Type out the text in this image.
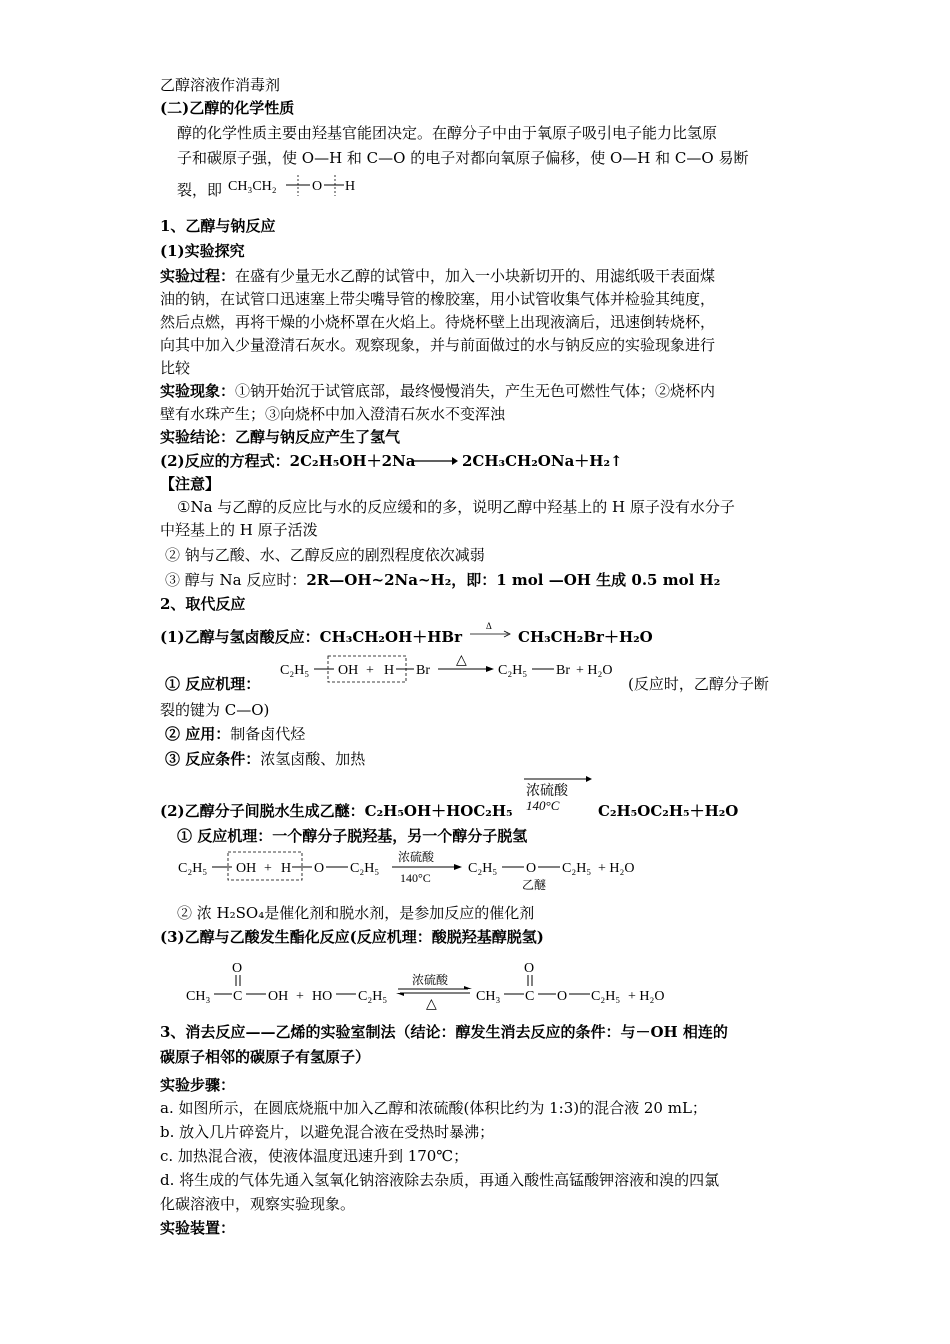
乙醇溶液作消毒剂
(二)乙醇的化学性质
醇的化学性质主要由羟基官能团决定。在醇分子中由于氧原子吸引电子能力比氢原
子和碳原子强，使 O—H 和 C—O 的电子对都向氧原子偏移，使 O—H 和 C—O 易断
裂，即 CH₃CH₂	O H
1、乙醇与钠反应
(1)实验探究
实验过程：在盛有少量无水乙醇的试管中，加入一小块新切开的、用滤纸吸干表面煤
油的钠，在试管口迅速塞上带尖嘴导管的橡胶塞，用小试管收集气体并检验其纯度，
然后点燃，再将干燥的小烧杯罩在火焰上。待烧杯壁上出现液滴后，迅速倒转烧杯，
向其中加入少量澄清石灰水。观察现象，并与前面做过的水与钠反应的实验现象进行
比较
实验现象：①钠开始沉于试管底部，最终慢慢消失，产生无色可燃性气体；②烧杯内
壁有水珠产生；③向烧杯中加入澄清石灰水不变浑浊
实验结论：乙醇与钠反应产生了氢气
(2)反应的方程式：2C₂H₅OH＋2Na → 2CH₃CH₂ONa＋H₂↑
【注意】
①Na 与乙醇的反应比与水的反应缓和的多，说明乙醇中羟基上的 H 原子没有水分子
中羟基上的 H 原子活泼
② 钠与乙酸、水、乙醇反应的剧烈程度依次减弱
③ 醇与 Na 反应时：2R—OH~2Na~H₂，即：1 mol —OH 生成 0.5 mol H₂
2、取代反应
(1)乙醇与氢卤酸反应：CH₃CH₂OH＋HBr
Δ
CH₃CH₂Br＋H₂O
C₂H₅ OH + H Br
△
C₂H₅ Br + H₂O
① 反应机理：	(反应时，乙醇分子断
裂的键为 C—O)
② 应用：制备卤代烃
③ 反应条件：浓氢卤酸、加热
(2)乙醇分子间脱水生成乙醚：C₂H₅OH＋HOC₂H₅
浓硫酸
140°C	C₂H₅OC₂H₅＋H₂O
① 反应机理：一个醇分子脱羟基，另一个醇分子脱氢
C₂H₅ OH + H O C₂H₅
浓硫酸
140°C
C₂H₅ O C₂H₅ + H₂O
乙醚
② 浓 H₂SO₄是催化剂和脱水剂，是参加反应的催化剂
(3)乙醇与乙酸发生酯化反应(反应机理：酸脱羟基醇脱氢)
O
CH₃ C OH + HO C₂H₅
浓硫酸
△
O
CH₃ C O C₂H₅ + H₂O
3、消去反应——乙烯的实验室制法（结论：醇发生消去反应的条件：与－OH 相连的
碳原子相邻的碳原子有氢原子）
实验步骤：
a. 如图所示，在圆底烧瓶中加入乙醇和浓硫酸(体积比约为 1:3)的混合液 20 mL；
b. 放入几片碎瓷片，以避免混合液在受热时暴沸；
c. 加热混合液，使液体温度迅速升到 170℃；
d. 将生成的气体先通入氢氧化钠溶液除去杂质，再通入酸性高锰酸钾溶液和溴的四氯
化碳溶液中，观察实验现象。
实验装置：
